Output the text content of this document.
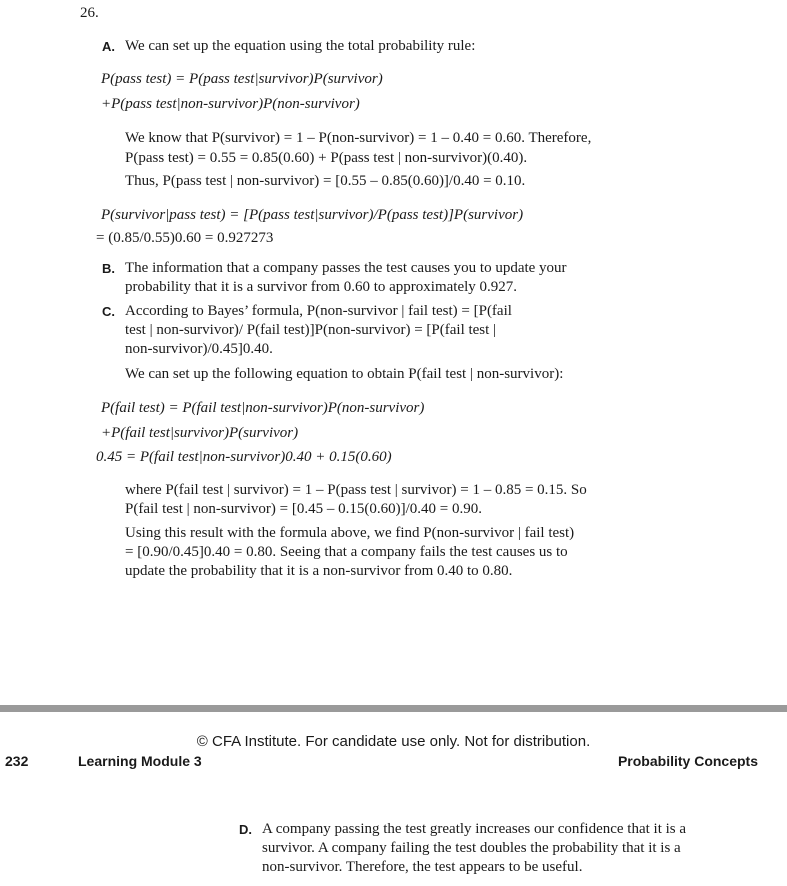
26.
A. We can set up the equation using the total probability rule:
P(pass test) = P(pass test|survivor)P(survivor)
+P(pass test|non-survivor)P(non-survivor)
We know that P(survivor) = 1 – P(non-survivor) = 1 – 0.40 = 0.60. Therefore,
P(pass test) = 0.55 = 0.85(0.60) + P(pass test | non-survivor)(0.40).
Thus, P(pass test | non-survivor) = [0.55 – 0.85(0.60)]/0.40 = 0.10.
P(survivor|pass test) = [P(pass test|survivor)/P(pass test)]P(survivor)
= (0.85/0.55)0.60 = 0.927273
B. The information that a company passes the test causes you to update your
probability that it is a survivor from 0.60 to approximately 0.927.
C. According to Bayes’ formula, P(non-survivor | fail test) = [P(fail
test | non-survivor)/ P(fail test)]P(non-survivor) = [P(fail test |
non-survivor)/0.45]0.40.
We can set up the following equation to obtain P(fail test | non-survivor):
P(fail test) = P(fail test|non-survivor)P(non-survivor)
+P(fail test|survivor)P(survivor)
0.45 = P(fail test|non-survivor)0.40 + 0.15(0.60)
where P(fail test | survivor) = 1 – P(pass test | survivor) = 1 – 0.85 = 0.15. So
P(fail test | non-survivor) = [0.45 – 0.15(0.60)]/0.40 = 0.90.
Using this result with the formula above, we find P(non-survivor | fail test)
= [0.90/0.45]0.40 = 0.80. Seeing that a company fails the test causes us to
update the probability that it is a non-survivor from 0.40 to 0.80.
© CFA Institute. For candidate use only. Not for distribution.
232	Learning Module 3	Probability Concepts
D. A company passing the test greatly increases our confidence that it is a
survivor. A company failing the test doubles the probability that it is a
non-survivor. Therefore, the test appears to be useful.
